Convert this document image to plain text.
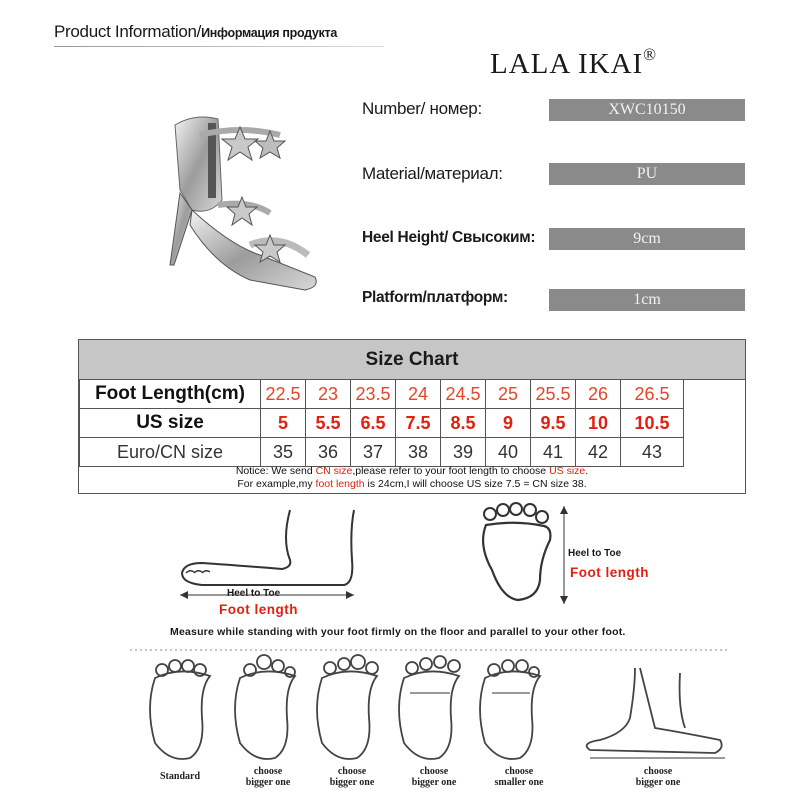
Product Information/Информация продукта
LALA IKAI®
Number/ номер:	XWC10150
Material/материал:	PU
Heel Height/ Cвысоким:	9cm
Platform/платформ:	1cm
Size Chart
Foot Length(cm)	22.5	23	23.5	24	24.5	25	25.5	26	26.5
US size	5	5.5	6.5	7.5	8.5	9	9.5	10	10.5
Euro/CN size	35	36	37	38	39	40	41	42	43
Notice: We send CN size,please refer to your foot length to choose US size.
For example,my foot length is 24cm,I will choose US size 7.5 = CN size 38.
Heel to Toe
Foot length
Heel to Toe
Foot length
Measure while standing with your foot firmly on the floor and parallel to your other foot.
Standard	choose
bigger one
choose
bigger one
choose
bigger one
choose
smaller one
choose
bigger one
